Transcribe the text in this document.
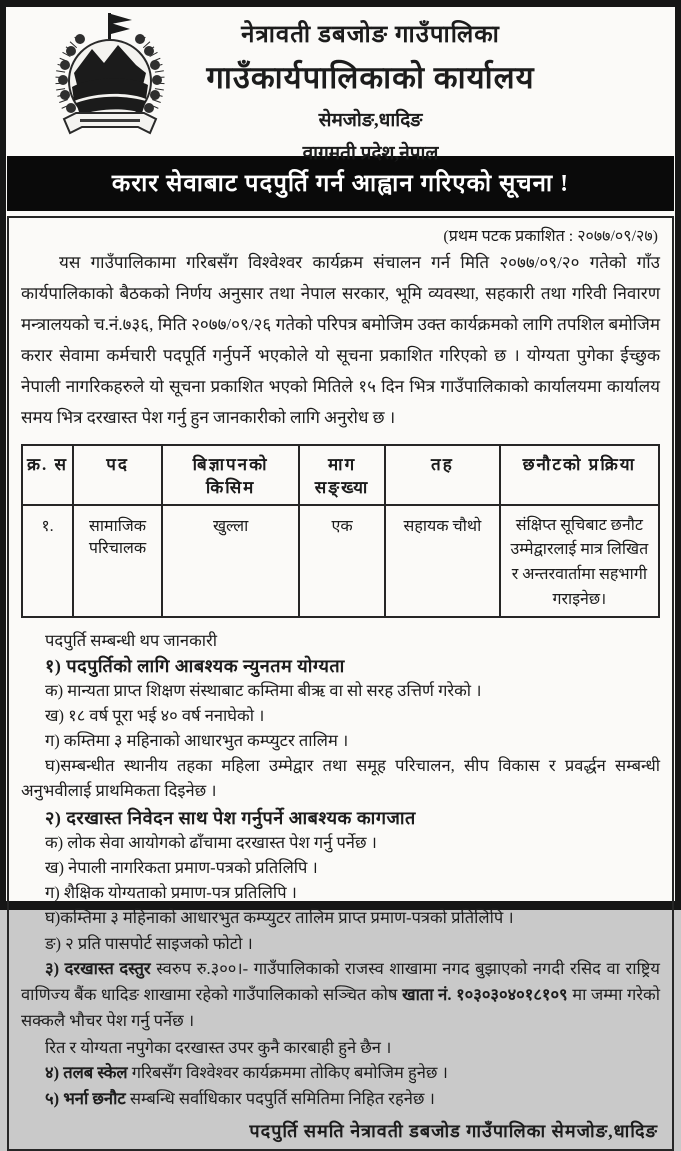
नेत्रावती डबजोङ गाउँपालिका
गाउँकार्यपालिकाको कार्यालय
सेमजोङ,धादिङ
वागमती प्रदेश,नेपाल
करार सेवाबाट पदपुर्ति गर्न आह्वान गरिएको सूचना !
(प्रथम पटक प्रकाशित : २०७७/०९/२७)

यस गाउँपालिकामा गरिबसँग विश्वेश्वर कार्यक्रम संचालन गर्न मिति २०७७/०९/२० गतेको गाँउ कार्यपालिकाको बैठकको निर्णय अनुसार तथा नेपाल सरकार, भूमि व्यवस्था, सहकारी तथा गरिवी निवारण मन्त्रालयको च.नं.७३६, मिति २०७७/०९/२६ गतेको परिपत्र बमोजिम उक्त कार्यक्रमको लागि तपशिल बमोजिम करार सेवामा कर्मचारी पदपूर्ति गर्नुपर्ने भएकोले यो सूचना प्रकाशित गरिएको छ । योग्यता पुगेका ईच्छुक नेपाली नागरिकहरुले यो सूचना प्रकाशित भएको मितिले १५ दिन भित्र गाउँपालिकाको कार्यालयमा कार्यालय समय भित्र दरखास्त पेश गर्नु हुन जानकारीको लागि अनुरोध छ ।

क्र. स	पद	बिज्ञापनको किसिम	माग सङ्ख्या	तह	छनौटको प्रक्रिया
१.	सामाजिक परिचालक	खुल्ला	एक	सहायक चौथो	संक्षिप्त सूचिबाट छनौट उम्मेद्वारलाई मात्र लिखित र अन्तरवार्तामा सहभागी गराइनेछ।
पदपुर्ति सम्बन्धी थप जानकारी
१) पदपुर्तिको लागि आबश्यक न्युनतम योग्यता
क) मान्यता प्राप्त शिक्षण संस्थाबाट कम्तिमा बीऋ वा सो सरह उत्तिर्ण गरेको ।
ख) १८ वर्ष पूरा भई ४० वर्ष ननाघेको ।
ग) कम्तिमा ३ महिनाको आधारभुत कम्प्युटर तालिम ।
घ)सम्बन्धीत स्थानीय तहका महिला उम्मेद्वार तथा समूह परिचालन, सीप विकास र प्रवर्द्धन सम्बन्धी अनुभवीलाई प्राथमिकता दिइनेछ ।
२) दरखास्त निवेदन साथ पेश गर्नुपर्ने आबश्यक कागजात
क) लोक सेवा आयोगको ढाँचामा दरखास्त पेश गर्नु पर्नेछ ।
ख) नेपाली नागरिकता प्रमाण-पत्रको प्रतिलिपि ।
ग) शैक्षिक योग्यताको प्रमाण-पत्र प्रतिलिपि ।
घ)कम्तिमा ३ महिनाको आधारभुत कम्प्युटर तालिम प्राप्त प्रमाण-पत्रको प्रतिलिपि ।
ङ) २ प्रति पासपोर्ट साइजको फोटो ।

३) दरखास्त दस्तुर स्वरुप रु.३००।- गाउँपालिकाको राजस्व शाखामा नगद बुझाएको नगदी रसिद वा राष्ट्रिय वाणिज्य बैंक धादिङ शाखामा रहेको गाउँपालिकाको सञ्चित कोष खाता नं. १०३०३०४०१८१०९ मा जम्मा गरेको सक्कलै भौचर पेश गर्नु पर्नेछ ।

रित र योग्यता नपुगेका दरखास्त उपर कुनै कारबाही हुने छैन ।

४) तलब स्केल गरिबसँग विश्वेश्वर कार्यक्रममा तोकिए बमोजिम हुनेछ ।

५) भर्ना छनौट सम्बन्धि सर्वाधिकार पदपुर्ति समितिमा निहित रहनेछ ।

पदपुर्ति समति नेत्रावती डबजोड गाउँपालिका सेमजोङ,धादिङ
